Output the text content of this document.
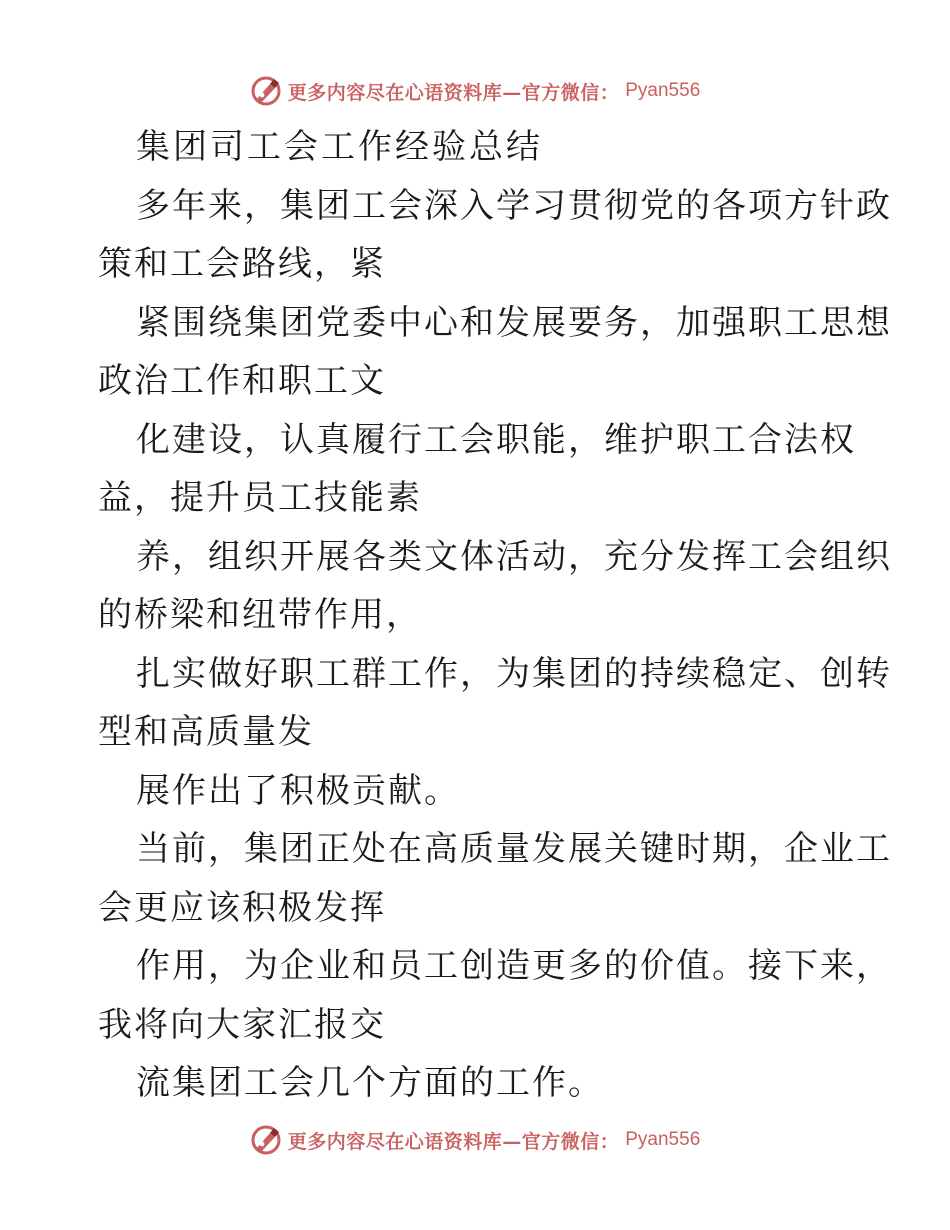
更多内容尽在心语资料库—官方微信： Pyan556
集团司工会工作经验总结
多年来，集团工会深入学习贯彻党的各项方针政
策和工会路线，紧
紧围绕集团党委中心和发展要务，加强职工思想
政治工作和职工文
化建设，认真履行工会职能，维护职工合法权
益，提升员工技能素
养，组织开展各类文体活动，充分发挥工会组织
的桥梁和纽带作用，
扎实做好职工群工作，为集团的持续稳定、创转
型和高质量发
展作出了积极贡献。
当前，集团正处在高质量发展关键时期，企业工
会更应该积极发挥
作用，为企业和员工创造更多的价值。接下来，
我将向大家汇报交
流集团工会几个方面的工作。
更多内容尽在心语资料库—官方微信： Pyan556
